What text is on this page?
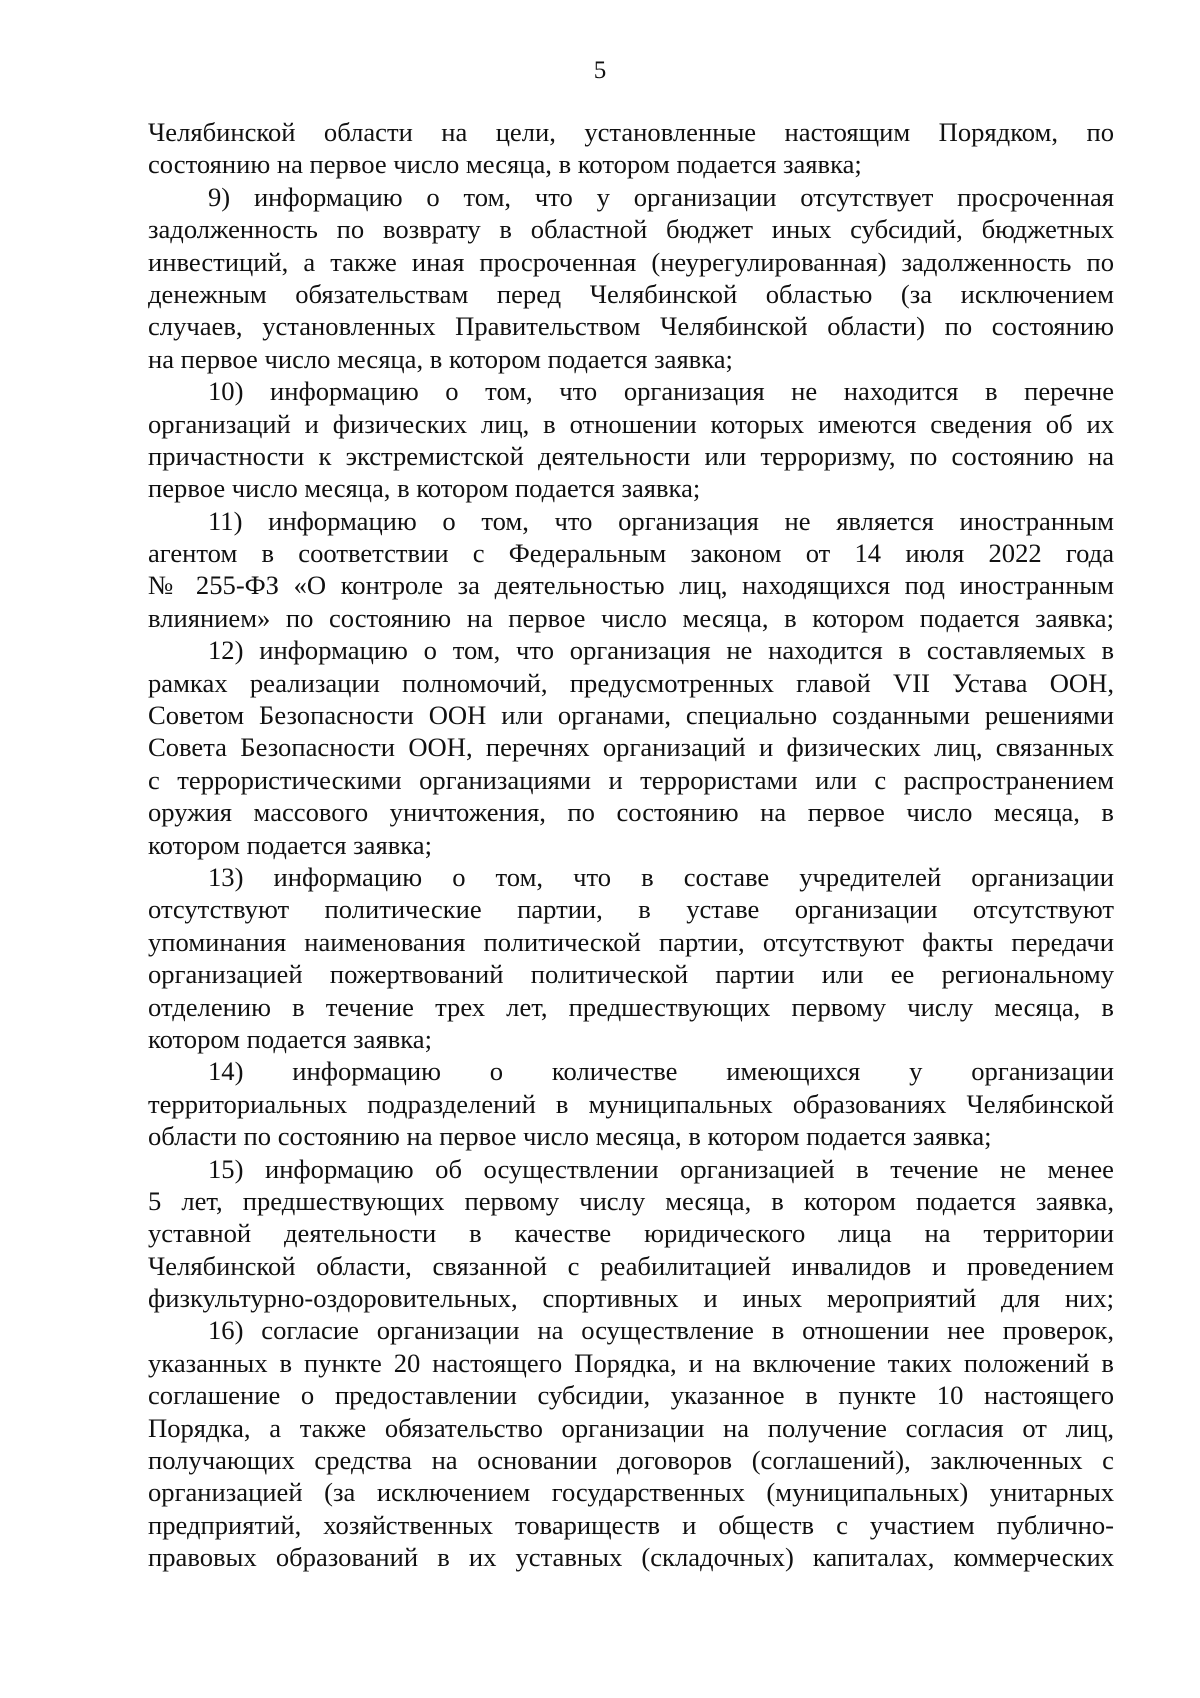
5
Челябинской области на цели, установленные настоящим Порядком, по
состоянию на первое число месяца, в котором подается заявка;
9) информацию о том, что у организации отсутствует просроченная
задолженность по возврату в областной бюджет иных субсидий, бюджетных
инвестиций, а также иная просроченная (неурегулированная) задолженность по
денежным обязательствам перед Челябинской областью (за исключением
случаев, установленных Правительством Челябинской области) по состоянию
на первое число месяца, в котором подается заявка;
10) информацию о том, что организация не находится в перечне
организаций и физических лиц, в отношении которых имеются сведения об их
причастности к экстремистской деятельности или терроризму, по состоянию на
первое число месяца, в котором подается заявка;
11) информацию о том, что организация не является иностранным
агентом в соответствии с Федеральным законом от 14 июля 2022 года
№ 255-ФЗ «О контроле за деятельностью лиц, находящихся под иностранным
влиянием» по состоянию на первое число месяца, в котором подается заявка;
12) информацию о том, что организация не находится в составляемых в
рамках реализации полномочий, предусмотренных главой VII Устава ООН,
Советом Безопасности ООН или органами, специально созданными решениями
Совета Безопасности ООН, перечнях организаций и физических лиц, связанных
с террористическими организациями и террористами или с распространением
оружия массового уничтожения, по состоянию на первое число месяца, в
котором подается заявка;
13) информацию о том, что в составе учредителей организации
отсутствуют политические партии, в уставе организации отсутствуют
упоминания наименования политической партии, отсутствуют факты передачи
организацией пожертвований политической партии или ее региональному
отделению в течение трех лет, предшествующих первому числу месяца, в
котором подается заявка;
14) информацию о количестве имеющихся у организации
территориальных подразделений в муниципальных образованиях Челябинской
области по состоянию на первое число месяца, в котором подается заявка;
15) информацию об осуществлении организацией в течение не менее
5 лет, предшествующих первому числу месяца, в котором подается заявка,
уставной деятельности в качестве юридического лица на территории
Челябинской области, связанной с реабилитацией инвалидов и проведением
физкультурно-оздоровительных, спортивных и иных мероприятий для них;
16) согласие организации на осуществление в отношении нее проверок,
указанных в пункте 20 настоящего Порядка, и на включение таких положений в
соглашение о предоставлении субсидии, указанное в пункте 10 настоящего
Порядка, а также обязательство организации на получение согласия от лиц,
получающих средства на основании договоров (соглашений), заключенных с
организацией (за исключением государственных (муниципальных) унитарных
предприятий, хозяйственных товариществ и обществ с участием публично-
правовых образований в их уставных (складочных) капиталах, коммерческих
